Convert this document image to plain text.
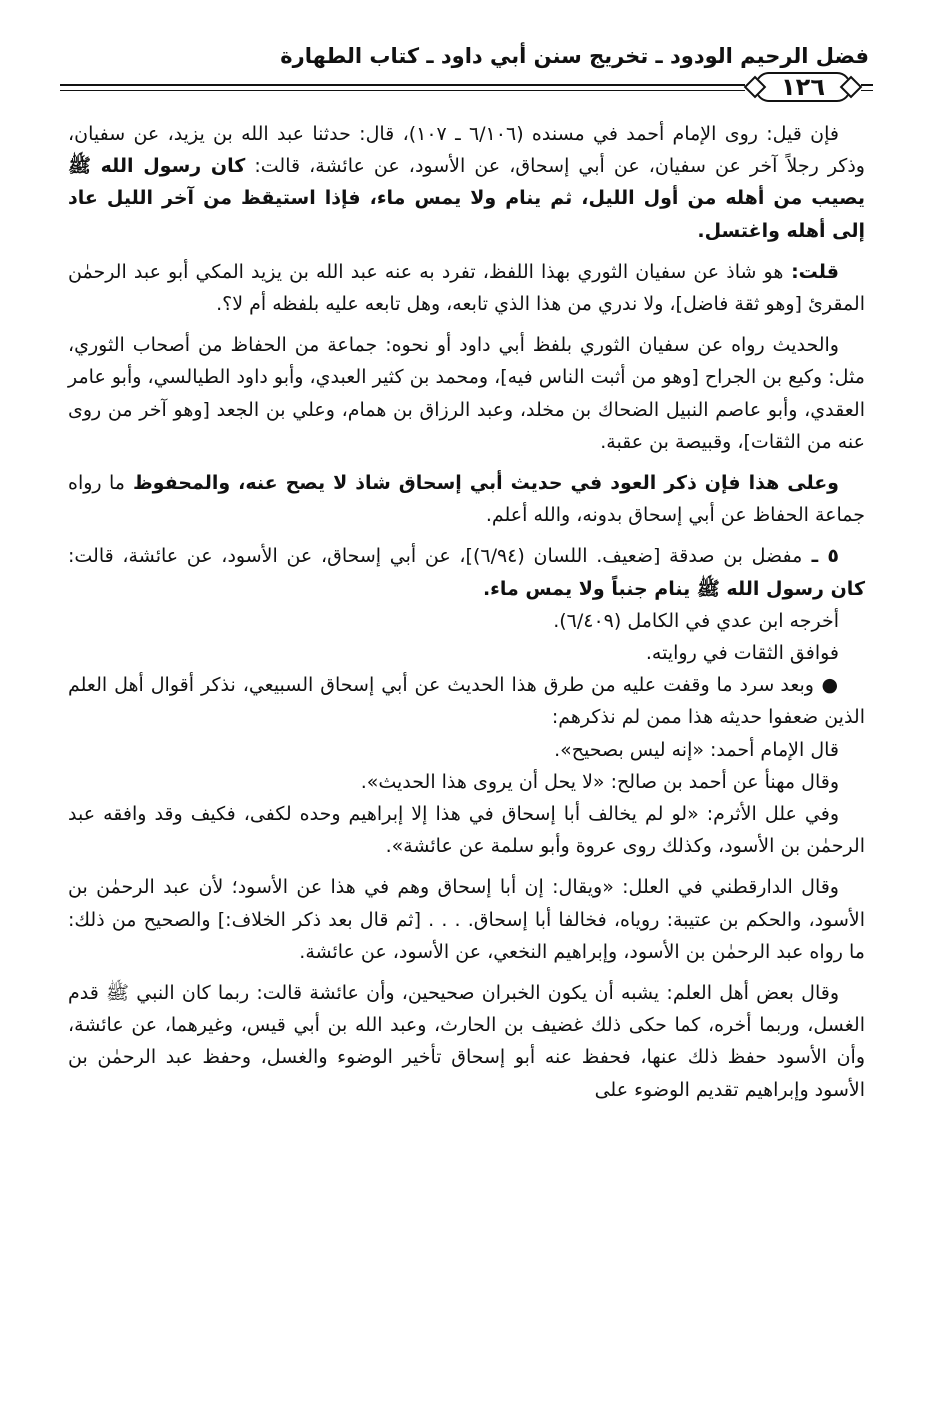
فضل الرحيم الودود ـ تخريج سنن أبي داود ـ كتاب الطهارة
١٢٦

فإن قيل: روى الإمام أحمد في مسنده (٦/١٠٦ ـ ١٠٧)، قال: حدثنا عبد الله بن يزيد، عن سفيان، وذكر رجلاً آخر عن سفيان، عن أبي إسحاق، عن الأسود، عن عائشة، قالت: كان رسول الله ﷺ يصيب من أهله من أول الليل، ثم ينام ولا يمس ماء، فإذا استيقظ من آخر الليل عاد إلى أهله واغتسل.

قلت: هو شاذ عن سفيان الثوري بهذا اللفظ، تفرد به عنه عبد الله بن يزيد المكي أبو عبد الرحمٰن المقرئ [وهو ثقة فاضل]، ولا ندري من هذا الذي تابعه، وهل تابعه عليه بلفظه أم لا؟.

والحديث رواه عن سفيان الثوري بلفظ أبي داود أو نحوه: جماعة من الحفاظ من أصحاب الثوري، مثل: وكيع بن الجراح [وهو من أثبت الناس فيه]، ومحمد بن كثير العبدي، وأبو داود الطيالسي، وأبو عامر العقدي، وأبو عاصم النبيل الضحاك بن مخلد، وعبد الرزاق بن همام، وعلي بن الجعد [وهو آخر من روى عنه من الثقات]، وقبيصة بن عقبة.

وعلى هذا فإن ذكر العود في حديث أبي إسحاق شاذ لا يصح عنه، والمحفوظ ما رواه جماعة الحفاظ عن أبي إسحاق بدونه، والله أعلم.

٥ ـ مفضل بن صدقة [ضعيف. اللسان (٦/٩٤)]، عن أبي إسحاق، عن الأسود، عن عائشة، قالت: كان رسول الله ﷺ ينام جنباً ولا يمس ماء.

أخرجه ابن عدي في الكامل (٦/٤٠٩).

فوافق الثقات في روايته.

● وبعد سرد ما وقفت عليه من طرق هذا الحديث عن أبي إسحاق السبيعي، نذكر أقوال أهل العلم الذين ضعفوا حديثه هذا ممن لم نذكرهم:

قال الإمام أحمد: «إنه ليس بصحيح».

وقال مهنأ عن أحمد بن صالح: «لا يحل أن يروى هذا الحديث».

وفي علل الأثرم: «لو لم يخالف أبا إسحاق في هذا إلا إبراهيم وحده لكفى، فكيف وقد وافقه عبد الرحمٰن بن الأسود، وكذلك روى عروة وأبو سلمة عن عائشة».

وقال الدارقطني في العلل: «ويقال: إن أبا إسحاق وهم في هذا عن الأسود؛ لأن عبد الرحمٰن بن الأسود، والحكم بن عتيبة: روياه، فخالفا أبا إسحاق. . . . [ثم قال بعد ذكر الخلاف:] والصحيح من ذلك: ما رواه عبد الرحمٰن بن الأسود، وإبراهيم النخعي، عن الأسود، عن عائشة.

وقال بعض أهل العلم: يشبه أن يكون الخبران صحيحين، وأن عائشة قالت: ربما كان النبي ﷺ قدم الغسل، وربما أخره، كما حكى ذلك غضيف بن الحارث، وعبد الله بن أبي قيس، وغيرهما، عن عائشة، وأن الأسود حفظ ذلك عنها، فحفظ عنه أبو إسحاق تأخير الوضوء والغسل، وحفظ عبد الرحمٰن بن الأسود وإبراهيم تقديم الوضوء على
